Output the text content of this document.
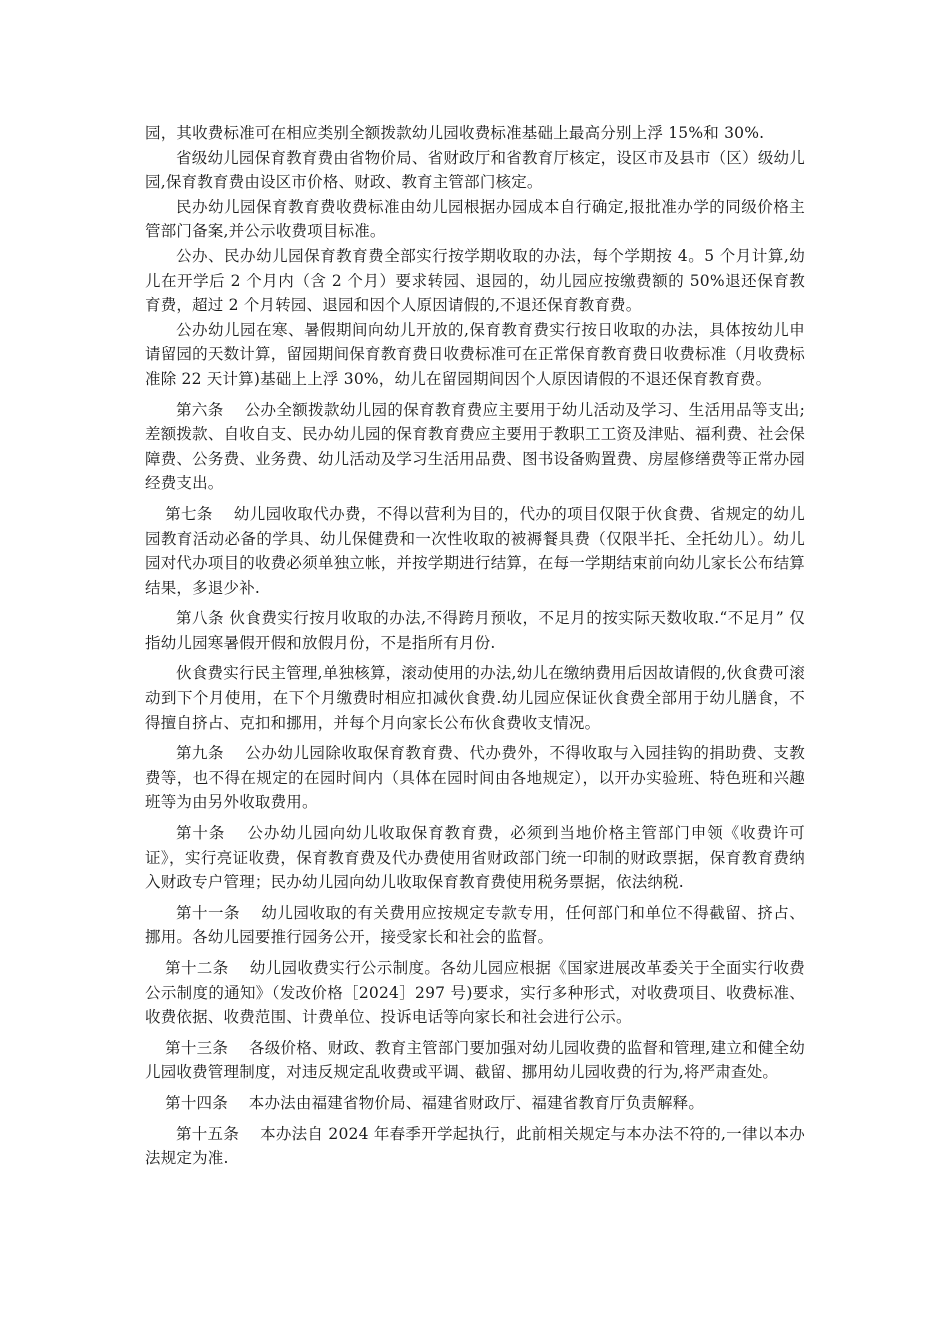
园，其收费标准可在相应类别全额拨款幼儿园收费标准基础上最高分别上浮 15%和 30%.

省级幼儿园保育教育费由省物价局、省财政厅和省教育厅核定，设区市及县市（区）级幼儿园,保育教育费由设区市价格、财政、教育主管部门核定。

民办幼儿园保育教育费收费标准由幼儿园根据办园成本自行确定,报批准办学的同级价格主管部门备案,并公示收费项目标准。

公办、民办幼儿园保育教育费全部实行按学期收取的办法，每个学期按 4。5 个月计算,幼儿在开学后 2 个月内（含 2 个月）要求转园、退园的，幼儿园应按缴费额的 50%退还保育教育费，超过 2 个月转园、退园和因个人原因请假的,不退还保育教育费。

公办幼儿园在寒、暑假期间向幼儿开放的,保育教育费实行按日收取的办法，具体按幼儿申请留园的天数计算，留园期间保育教育费日收费标准可在正常保育教育费日收费标准（月收费标准除 22 天计算)基础上上浮 30%，幼儿在留园期间因个人原因请假的不退还保育教育费。

第六条　 公办全额拨款幼儿园的保育教育费应主要用于幼儿活动及学习、生活用品等支出;差额拨款、自收自支、民办幼儿园的保育教育费应主要用于教职工工资及津贴、福利费、社会保障费、公务费、业务费、幼儿活动及学习生活用品费、图书设备购置费、房屋修缮费等正常办园经费支出。

第七条　 幼儿园收取代办费，不得以营利为目的，代办的项目仅限于伙食费、省规定的幼儿园教育活动必备的学具、幼儿保健费和一次性收取的被褥餐具费（仅限半托、全托幼儿）。幼儿园对代办项目的收费必须单独立帐，并按学期进行结算，在每一学期结束前向幼儿家长公布结算结果，多退少补.

第八条 伙食费实行按月收取的办法,不得跨月预收，不足月的按实际天数收取.“不足月” 仅指幼儿园寒暑假开假和放假月份，不是指所有月份.

伙食费实行民主管理,单独核算，滚动使用的办法,幼儿在缴纳费用后因故请假的,伙食费可滚动到下个月使用，在下个月缴费时相应扣减伙食费.幼儿园应保证伙食费全部用于幼儿膳食，不得擅自挤占、克扣和挪用，并每个月向家长公布伙食费收支情况。

第九条　 公办幼儿园除收取保育教育费、代办费外，不得收取与入园挂钩的捐助费、支教费等，也不得在规定的在园时间内（具体在园时间由各地规定），以开办实验班、特色班和兴趣班等为由另外收取费用。

第十条　 公办幼儿园向幼儿收取保育教育费，必须到当地价格主管部门申领《收费许可证》，实行亮证收费，保育教育费及代办费使用省财政部门统一印制的财政票据，保育教育费纳入财政专户管理；民办幼儿园向幼儿收取保育教育费使用税务票据，依法纳税.

第十一条　 幼儿园收取的有关费用应按规定专款专用，任何部门和单位不得截留、挤占、挪用。各幼儿园要推行园务公开，接受家长和社会的监督。

第十二条　 幼儿园收费实行公示制度。各幼儿园应根据《国家进展改革委关于全面实行收费公示制度的通知》（发改价格［2024］297 号)要求，实行多种形式，对收费项目、收费标准、收费依据、收费范围、计费单位、投诉电话等向家长和社会进行公示。

第十三条　 各级价格、财政、教育主管部门要加强对幼儿园收费的监督和管理,建立和健全幼儿园收费管理制度，对违反规定乱收费或平调、截留、挪用幼儿园收费的行为,将严肃查处。

第十四条　 本办法由福建省物价局、福建省财政厅、福建省教育厅负责解释。

第十五条　 本办法自 2024 年春季开学起执行，此前相关规定与本办法不符的,一律以本办法规定为准.
